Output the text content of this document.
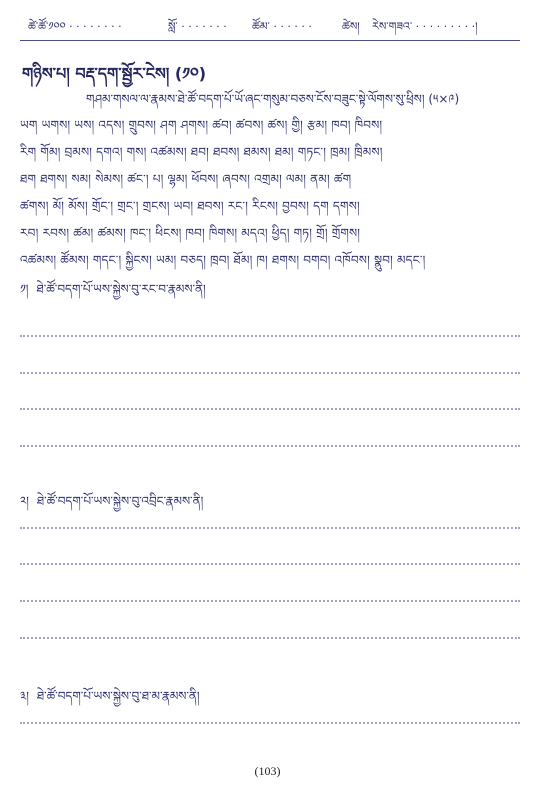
ཚེ་ཚོ་༡༠༠ · · · · · · · ·	སློ་ · · · · · · · ཚོམ་ · · · · · ·	ཚེས། རེས་གཟའ་ · · · · · · · · ·།
གཉིས་པ། བརྡ་དག་སྦྱོར་ངེས། (༡༠)
གཤམ་གསལ་ལ་རྣམས་ཐེ་ཚོ་བདག་པོ་ཡོ་ཞང་གསུམ་བཅས་ངོས་བཟུང་སྟེ་ལོགས་སུ་ཕྲིས། (༥×༩)
ཡག ཡགས། ཡས། འདས། གྲུབས། ཤག ཤགས། ཚབ། ཚབས། ཚས། གྱི། རྩམ། ཁབ། ཁིབས།
རིག གོམ། བྲམས། དགའ། གས། འཚམས། ཐབ། ཐབས། ཐམས། ཐམ། གཏང་། ཁྲམ། ཁྲིམས།
ཐག ཐགས། སམ། སེམས། ཚང་། པ། ལྷམ། ཕོབས། ཞབས། འགྲམ། ལམ། ནམ། ཚག
ཚགས། མོ། མོས། གྲོང་། གྲང་། གྲངས། ཡབ། ཐབས། རང་། རིངས། བྱབས། དག དགས།
རབ། རབས། ཚམ། ཚམས། ཁང་། ཕིངས། ཁབ། ཁིགས། མདའ། ཕྱིད། གཏ། གྲོ། གྲོགས།
འཚམས། ཚོམས། གདང་། སྐྱིངས། ཡམ། བཅད། ཁྲབ། ཐོམ། ཁ། ཐགས། བགབ། འཁོབས། སྣུབ། མདང་།
༡། ཐེ་ཚོ་བདག་པོ་ཡས་སྐྱེས་བུ་རང་བ་རྣམས་ནི།
༢། ཐེ་ཚོ་བདག་པོ་ཡས་སྐྱེས་བུ་འབྲིང་རྣམས་ནི།
༣། ཐེ་ཚོ་བདག་པོ་ཡས་སྐྱེས་བུ་ཐ་མ་རྣམས་ནི།
(103)
